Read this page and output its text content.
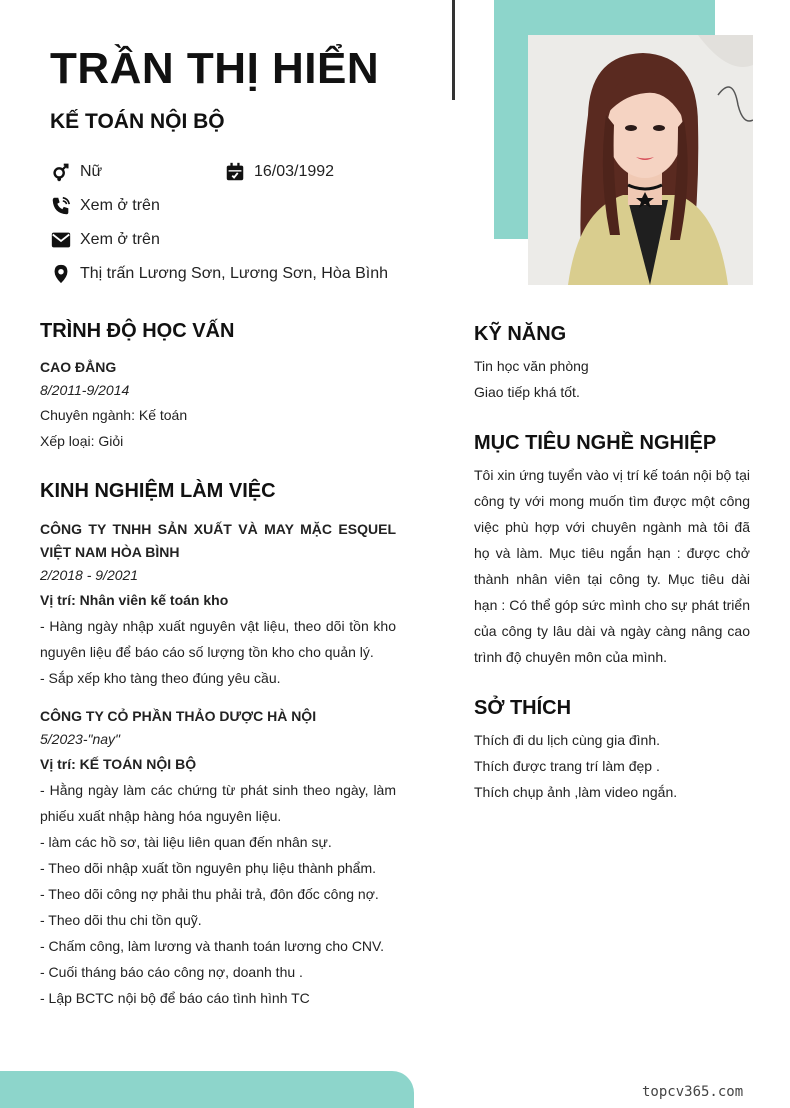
TRẦN THỊ HIỂN
KẾ TOÁN NỘI BỘ
Nữ	16/03/1992
Xem ở trên
Xem ở trên
Thị trấn Lương Sơn, Lương Sơn, Hòa Bình
TRÌNH ĐỘ HỌC VẤN

CAO ĐẲNG

8/2011-9/2014

Chuyên ngành: Kế toán

Xếp loại: Giỏi

KINH NGHIỆM LÀM VIỆC

CÔNG TY TNHH SẢN XUẤT VÀ MAY MẶC ESQUEL VIỆT NAM HÒA BÌNH

2/2018 - 9/2021

Vị trí: Nhân viên kế toán kho

- Hàng ngày nhập xuất nguyên vật liệu, theo dõi tồn kho nguyên liệu để báo cáo số lượng tồn kho cho quản lý.

- Sắp xếp kho tàng theo đúng yêu cầu.

CÔNG TY CỎ PHẦN THẢO DƯỢC HÀ NỘI

5/2023-"nay"

Vị trí: KẾ TOÁN NỘI BỘ

- Hằng ngày làm các chứng từ phát sinh theo ngày, làm phiếu xuất nhập hàng hóa nguyên liệu.

- làm các hồ sơ, tài liệu liên quan đến nhân sự.

- Theo dõi nhập xuất tồn nguyên phụ liệu thành phẩm.

- Theo dõi công nợ phải thu phải trả, đôn đốc công nợ.

- Theo dõi thu chi tồn quỹ.

- Chấm công, làm lương và thanh toán lương cho CNV.

- Cuối tháng báo cáo công nợ, doanh thu .

- Lập BCTC nội bộ để báo cáo tình hình TC

KỸ NĂNG

Tin học văn phòng

Giao tiếp khá tốt.

MỤC TIÊU NGHỀ NGHIỆP

Tôi xin ứng tuyển vào vị trí kế toán nội bộ tại công ty với mong muốn tìm được một công việc phù hợp với chuyên ngành mà tôi đã họ và làm. Mục tiêu ngắn hạn : được chở thành nhân viên tại công ty. Mục tiêu dài hạn : Có thể góp sức mình cho sự phát triển của công ty lâu dài và ngày càng nâng cao trình độ chuyên môn của mình.

SỞ THÍCH

Thích đi du lịch cùng gia đình.

Thích được trang trí làm đẹp .

Thích chụp ảnh ,làm video ngắn.

topcv365.com
